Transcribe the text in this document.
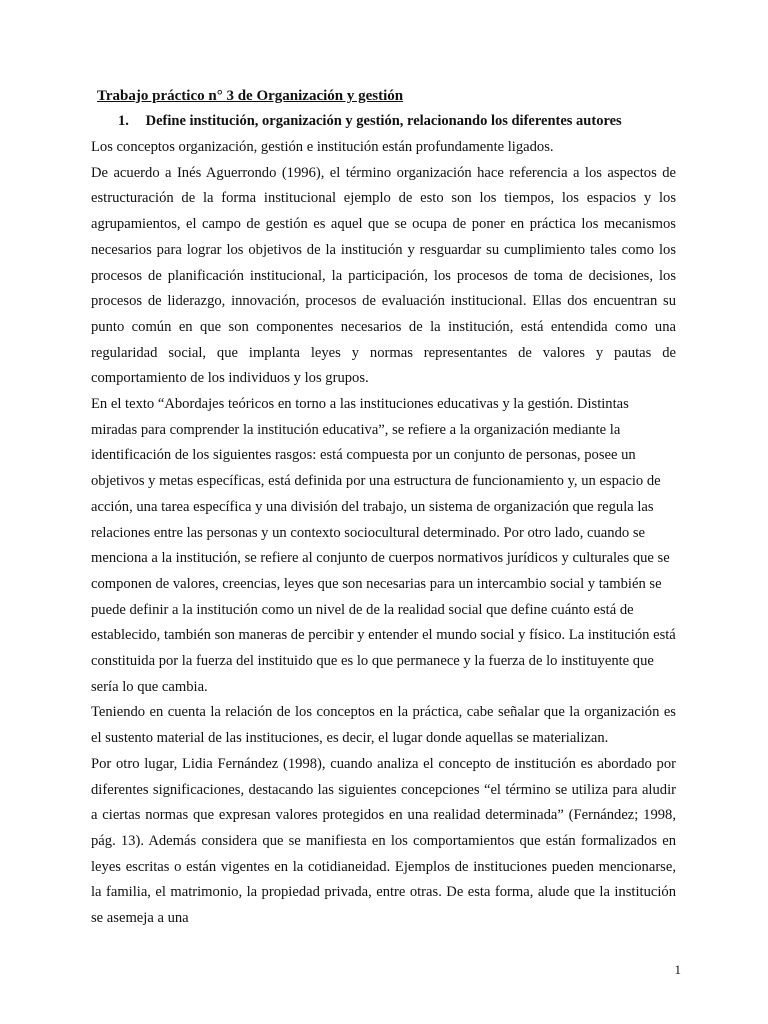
Trabajo práctico n° 3 de Organización y gestión
1. Define institución, organización y gestión, relacionando los diferentes autores

Los conceptos organización, gestión e institución están profundamente ligados.

De acuerdo a Inés Aguerrondo (1996), el término organización hace referencia a los aspectos de estructuración de la forma institucional ejemplo de esto son los tiempos, los espacios y los agrupamientos, el campo de gestión es aquel que se ocupa de poner en práctica los mecanismos necesarios para lograr los objetivos de la institución y resguardar su cumplimiento tales como los procesos de planificación institucional, la participación, los procesos de toma de decisiones, los procesos de liderazgo, innovación, procesos de evaluación institucional. Ellas dos encuentran su punto común en que son componentes necesarios de la institución, está entendida como una regularidad social, que implanta leyes y normas representantes de valores y pautas de comportamiento de los individuos y los grupos.

En el texto “Abordajes teóricos en torno a las instituciones educativas y la gestión. Distintas miradas para comprender la institución educativa”, se refiere a la organización mediante la identificación de los siguientes rasgos: está compuesta por un conjunto de personas, posee un objetivos y metas específicas, está definida por una estructura de funcionamiento y, un espacio de acción, una tarea específica y una división del trabajo, un sistema de organización que regula las relaciones entre las personas y un contexto sociocultural determinado. Por otro lado, cuando se menciona a la institución, se refiere al conjunto de cuerpos normativos jurídicos y culturales que se componen de valores, creencias, leyes que son necesarias para un intercambio social y también se puede definir a la institución como un nivel de de la realidad social que define cuánto está de establecido, también son maneras de percibir y entender el mundo social y físico. La institución está constituida por la fuerza del instituido que es lo que permanece y la fuerza de lo instituyente que sería lo que cambia.

Teniendo en cuenta la relación de los conceptos en la práctica, cabe señalar que la organización es el sustento material de las instituciones, es decir, el lugar donde aquellas se materializan.

Por otro lugar, Lidia Fernández (1998), cuando analiza el concepto de institución es abordado por diferentes significaciones, destacando las siguientes concepciones “el término se utiliza para aludir a ciertas normas que expresan valores protegidos en una realidad determinada” (Fernández; 1998, pág. 13). Además considera que se manifiesta en los comportamientos que están formalizados en leyes escritas o están vigentes en la cotidianeidad. Ejemplos de instituciones pueden mencionarse, la familia, el matrimonio, la propiedad privada, entre otras. De esta forma, alude que la institución se asemeja a una

1
